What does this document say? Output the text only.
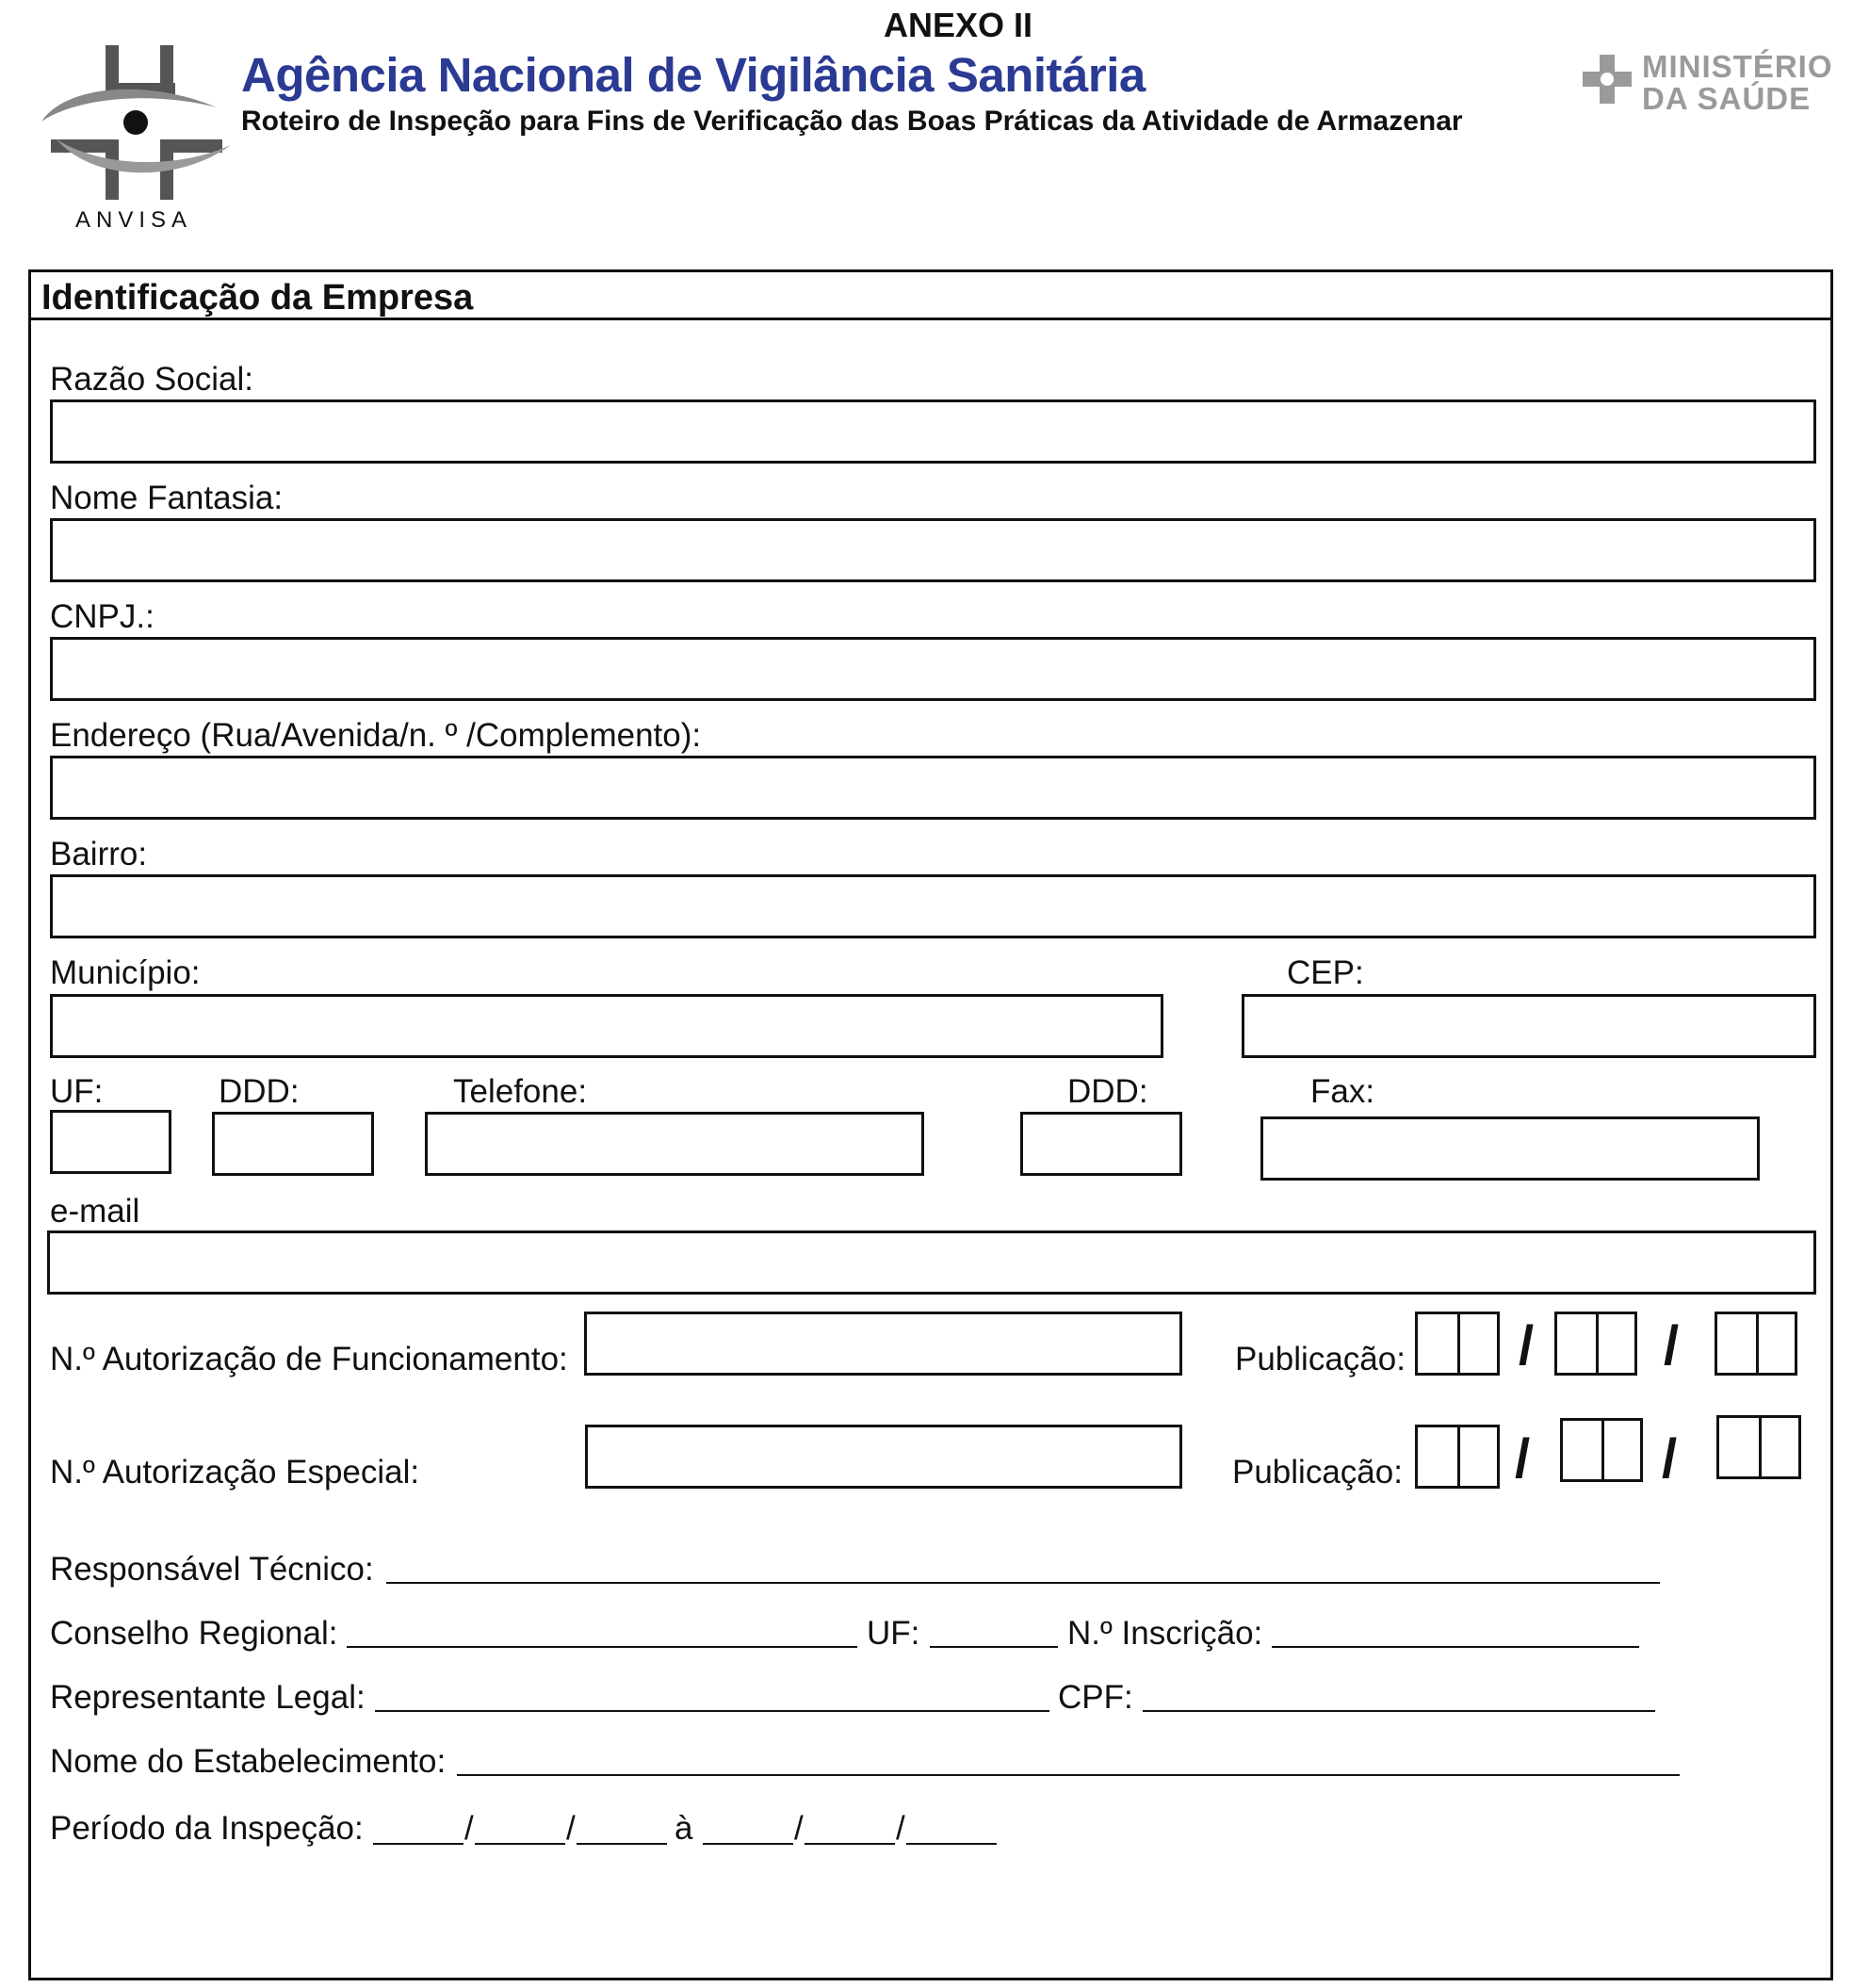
ANEXO II
ANVISA
Agência Nacional de Vigilância Sanitária
Roteiro de Inspeção para Fins de Verificação das Boas Práticas da Atividade de Armazenar
MINISTÉRIO
DA SAÚDE
Identificação da Empresa
Razão Social:
Nome Fantasia:
CNPJ.:
Endereço (Rua/Avenida/n. º /Complemento):
Bairro:
Município:	CEP:
UF:	DDD:	Telefone:	DDD:	Fax:
e-mail
N.º Autorização de Funcionamento:	Publicação: / /
N.º Autorização Especial:	Publicação: / /
Responsável Técnico:
Conselho Regional:	UF:	N.º Inscrição:
Representante Legal:	CPF:
Nome do Estabelecimento:
Período da Inspeção:	/	/	à	/	/
